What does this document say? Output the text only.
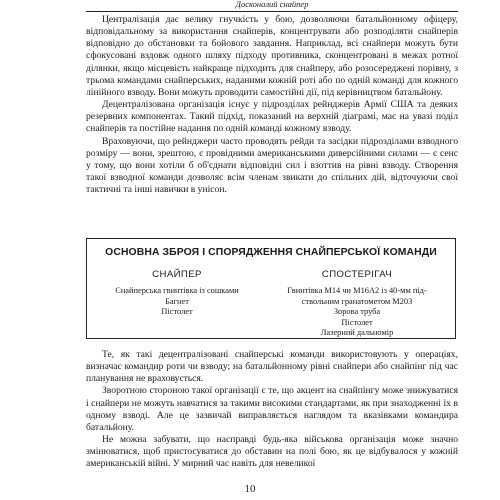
Досконалий снайпер

Централізація дає велику гнучкість у бою, дозволяючи батальйонному офіцеру, відповідальному за використання снайперів, концентрувати або розподіляти снайперів відповідно до обстановки та бойового завдання. Наприклад, всі снайпери можуть бути сфокусовані вздовж одного шляху підходу противника, сконцентровані в межах ротної ділянки, якщо місцевість найкраще підходить для снайперу, або розосереджені порівну, з трьома командами снайперських, наданими кожній роті або по одній команді для кожного лінійного взводу. Вони можуть проводити самостійні дії, під керівництвом батальйону.

Децентралізована організація існує у підрозділах рейнджерів Армії США та деяких резервних компонентах. Такий підхід, показаний на верхній діаграмі, має на увазі поділ снайперів та постійне надання по одній команді кожному взводу.

Враховуючи, що рейнджери часто проводять рейди та засідки підрозділами взводного розміру — вони, зрештою, є провідними американськими диверсійними силами — є сенс у тому, що вони хотіли б об'єднати відповідні сил і взоттив на рівні взводу. Створення такої взводної команди дозволяє всім членам звикати до спільних дій, відточуючи свої тактичні та інші навички в унісон.

ОСНОВНА ЗБРОЯ І СПОРЯДЖЕННЯ СНАЙПЕРСЬКОЇ КОМАНДИ
СНАЙПЕР
Снайперська гвинтівка із сошками
Багнет
Пістолет
СПОСТЕРІГАЧ
Гвинтівка M14 чи M16A2 із 40-мм під-
ствольним гранатометом M203
Зорова труба
Пістолет
Лазерний дальномір

Те, як такі децентралізовані снайперські команди використовують у операціях, визначає командир роти чи взводу; на батальйонному рівні снайпери або снайпінг під час планування не враховується.

Зворотною стороною такої організації є те, що акцент на снайпінгу може знижуватися і снайпери не можуть навчатися за такими високими стандартами, як при знаходженні їх в одному взводі. Але це зазвичай виправляється наглядом та вказівками командира батальйону.

Не можна забувати, що насправді будь-яка військова організація може значно змінюватися, щоб пристосуватися до обставин на полі бою, як це відбувалося у кожній американській війні. У мирний час навіть для невеликої

10
